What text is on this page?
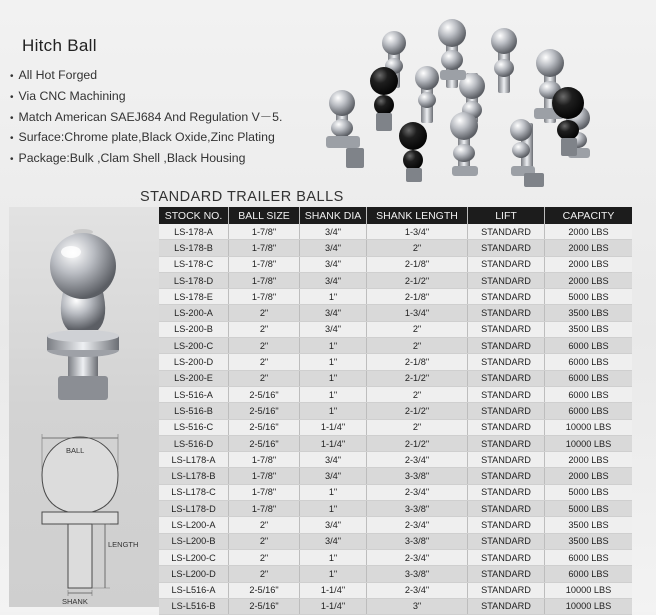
Hitch Ball
• All Hot Forged
• Via CNC Machining
• Match American SAEJ684 And Regulation V－5.
• Surface:Chrome plate,Black Oxide,Zinc Plating
• Package:Bulk ,Clam Shell ,Black Housing
STANDARD TRAILER BALLS
BALL
LENGTH
SHANK
STOCK NO.	BALL SIZE	SHANK DIA	SHANK LENGTH	LIFT	CAPACITY
LS-178-A	1-7/8"	3/4"	1-3/4"	STANDARD	2000 LBS
LS-178-B	1-7/8"	3/4"	2"	STANDARD	2000 LBS
LS-178-C	1-7/8"	3/4"	2-1/8"	STANDARD	2000 LBS
LS-178-D	1-7/8"	3/4"	2-1/2"	STANDARD	2000 LBS
LS-178-E	1-7/8"	1"	2-1/8"	STANDARD	5000 LBS
LS-200-A	2"	3/4"	1-3/4"	STANDARD	3500 LBS
LS-200-B	2"	3/4"	2"	STANDARD	3500 LBS
LS-200-C	2"	1"	2"	STANDARD	6000 LBS
LS-200-D	2"	1"	2-1/8"	STANDARD	6000 LBS
LS-200-E	2"	1"	2-1/2"	STANDARD	6000 LBS
LS-516-A	2-5/16"	1"	2"	STANDARD	6000 LBS
LS-516-B	2-5/16"	1"	2-1/2"	STANDARD	6000 LBS
LS-516-C	2-5/16"	1-1/4"	2"	STANDARD	10000 LBS
LS-516-D	2-5/16"	1-1/4"	2-1/2"	STANDARD	10000 LBS
LS-L178-A	1-7/8"	3/4"	2-3/4"	STANDARD	2000 LBS
LS-L178-B	1-7/8"	3/4"	3-3/8"	STANDARD	2000 LBS
LS-L178-C	1-7/8"	1"	2-3/4"	STANDARD	5000 LBS
LS-L178-D	1-7/8"	1"	3-3/8"	STANDARD	5000 LBS
LS-L200-A	2"	3/4"	2-3/4"	STANDARD	3500 LBS
LS-L200-B	2"	3/4"	3-3/8"	STANDARD	3500 LBS
LS-L200-C	2"	1"	2-3/4"	STANDARD	6000 LBS
LS-L200-D	2"	1"	3-3/8"	STANDARD	6000 LBS
LS-L516-A	2-5/16"	1-1/4"	2-3/4"	STANDARD	10000 LBS
LS-L516-B	2-5/16"	1-1/4"	3"	STANDARD	10000 LBS
